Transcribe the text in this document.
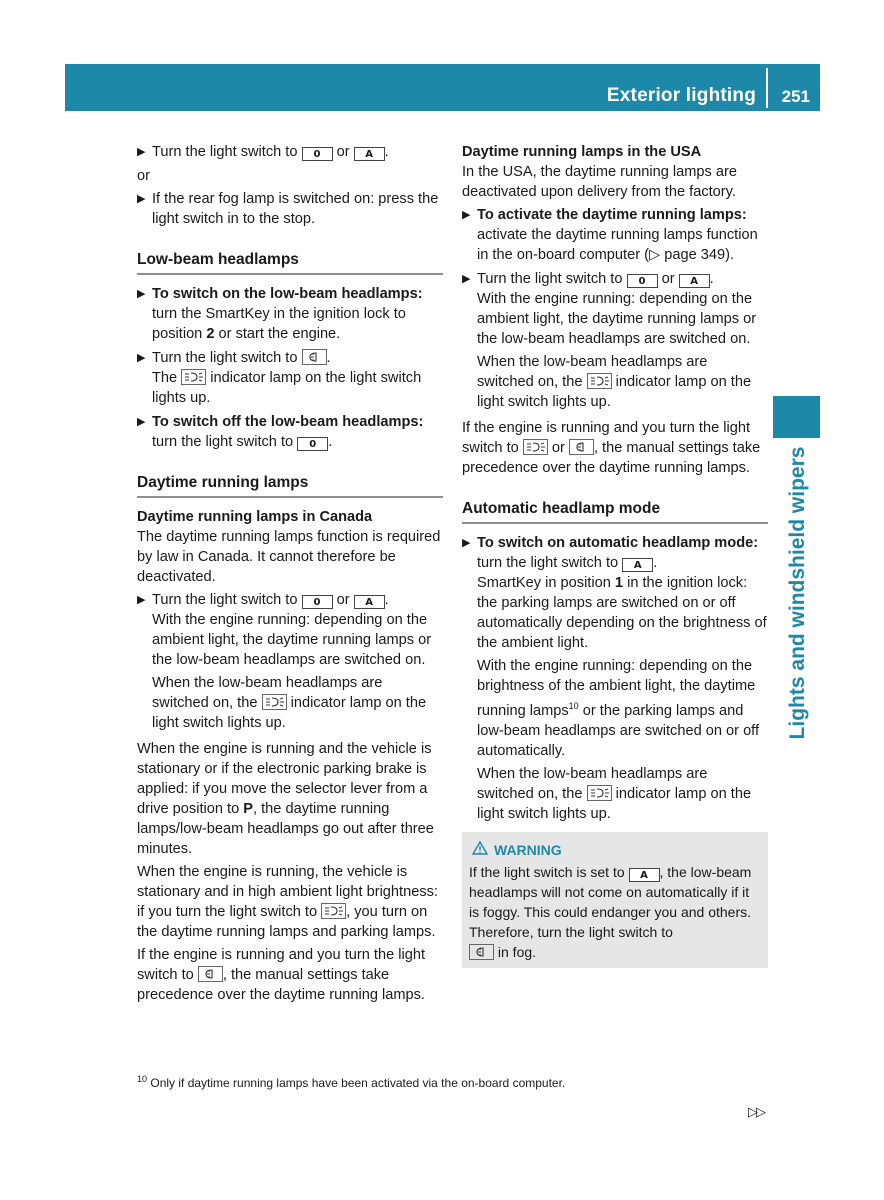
Exterior lighting 251
Lights and windshield wipers
▶ Turn the light switch to 0 or A .

or

▶ If the rear fog lamp is switched on: press the light switch in to the stop.
Low-beam headlamps
▶ To switch on the low-beam headlamps: turn the SmartKey in the ignition lock to position 2 or start the engine.
▶ Turn the light switch to .
The indicator lamp on the light switch lights up.
▶ To switch off the low-beam headlamps: turn the light switch to 0 .
Daytime running lamps

Daytime running lamps in Canada

The daytime running lamps function is required by law in Canada. It cannot therefore be deactivated.

▶ Turn the light switch to 0 or A .

With the engine running: depending on the ambient light, the daytime running lamps or the low-beam headlamps are switched on.

When the low-beam headlamps are switched on, the indicator lamp on the light switch lights up.

When the engine is running and the vehicle is stationary or if the electronic parking brake is applied: if you move the selector lever from a drive position to P, the daytime running lamps/low-beam headlamps go out after three minutes.

When the engine is running, the vehicle is stationary and in high ambient light brightness: if you turn the light switch to , you turn on the daytime running lamps and parking lamps.

If the engine is running and you turn the light switch to , the manual settings take precedence over the daytime running lamps.

Daytime running lamps in the USA

In the USA, the daytime running lamps are deactivated upon delivery from the factory.

▶ To activate the daytime running lamps: activate the daytime running lamps function in the on-board computer (▷ page 349).
▶ Turn the light switch to 0 or A .

With the engine running: depending on the ambient light, the daytime running lamps or the low-beam headlamps are switched on.

When the low-beam headlamps are switched on, the indicator lamp on the light switch lights up.

If the engine is running and you turn the light switch to or , the manual settings take precedence over the daytime running lamps.

Automatic headlamp mode
▶ To switch on automatic headlamp mode: turn the light switch to A .

SmartKey in position 1 in the ignition lock: the parking lamps are switched on or off automatically depending on the brightness of the ambient light.

With the engine running: depending on the brightness of the ambient light, the daytime running lamps$^{10}$ or the parking lamps and low-beam headlamps are switched on or off automatically.

When the low-beam headlamps are switched on, the indicator lamp on the light switch lights up.

WARNING

If the light switch is set to A , the low-beam headlamps will not come on automatically if it is foggy. This could endanger you and others. Therefore, turn the light switch to

in fog.

$^{10}$ Only if daytime running lamps have been activated via the on-board computer.
▷▷
